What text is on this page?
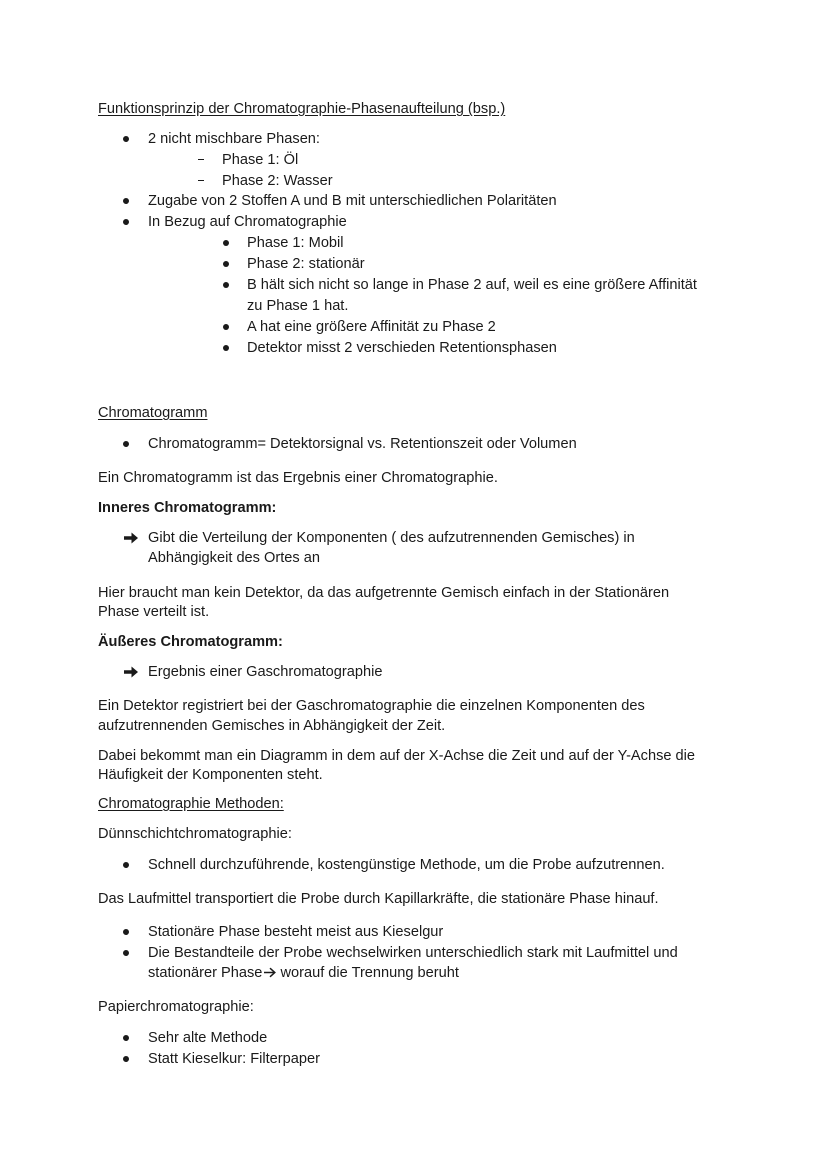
Funktionsprinzip der Chromatographie-Phasenaufteilung (bsp.)
2 nicht mischbare Phasen:
Phase 1: Öl
Phase 2: Wasser
Zugabe von 2 Stoffen A und B mit unterschiedlichen Polaritäten
In Bezug auf Chromatographie
Phase 1: Mobil
Phase 2: stationär
B hält sich nicht so lange in Phase 2 auf, weil es eine größere Affinität
zu Phase 1 hat.
A hat eine größere Affinität zu Phase 2
Detektor misst 2 verschieden Retentionsphasen
Chromatogramm
Chromatogramm= Detektorsignal vs. Retentionszeit oder Volumen
Ein Chromatogramm ist das Ergebnis einer Chromatographie.
Inneres Chromatogramm:
Gibt die Verteilung der Komponenten ( des aufzutrennenden Gemisches) in
Abhängigkeit des Ortes an
Hier braucht man kein Detektor, da das aufgetrennte Gemisch einfach in der Stationären
Phase verteilt ist.
Äußeres Chromatogramm:
Ergebnis einer Gaschromatographie
Ein Detektor registriert bei der Gaschromatographie die einzelnen Komponenten des
aufzutrennenden Gemisches in Abhängigkeit der Zeit.
Dabei bekommt man ein Diagramm in dem auf der X-Achse die Zeit und auf der Y-Achse die
Häufigkeit der Komponenten steht.
Chromatographie Methoden:
Dünnschichtchromatographie:
Schnell durchzuführende, kostengünstige Methode, um die Probe aufzutrennen.
Das Laufmittel transportiert die Probe durch Kapillarkräfte, die stationäre Phase hinauf.
Stationäre Phase besteht meist aus Kieselgur
Die Bestandteile der Probe wechselwirken unterschiedlich stark mit Laufmittel und
stationärer Phase worauf die Trennung beruht
Papierchromatographie:
Sehr alte Methode
Statt Kieselkur: Filterpaper
